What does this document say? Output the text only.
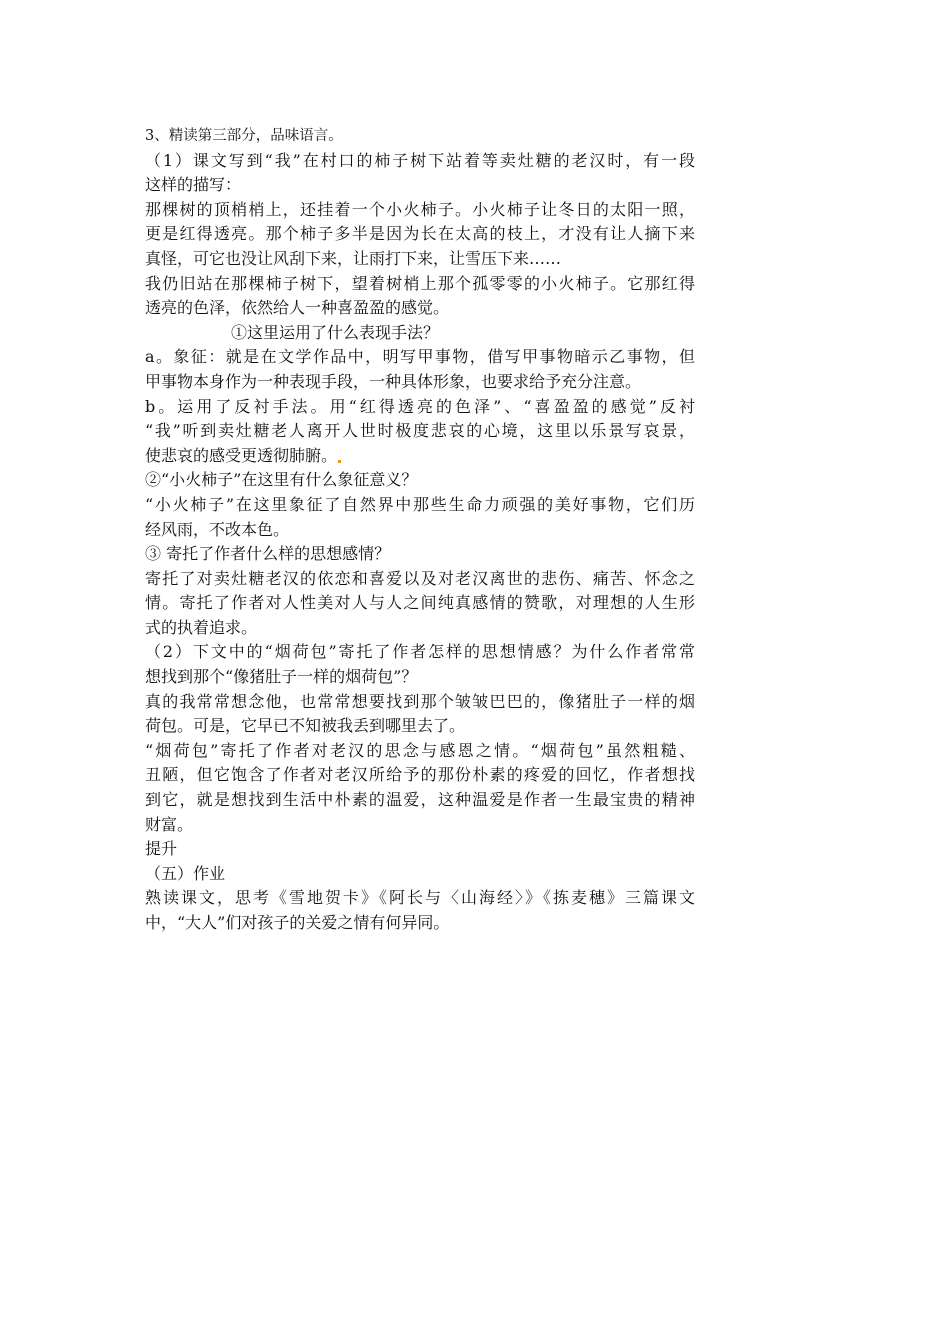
3、精读第三部分，品味语言。
（1）课文写到“我”在村口的柿子树下站着等卖灶糖的老汉时，有一段
这样的描写：
那棵树的顶梢梢上，还挂着一个小火柿子。小火柿子让冬日的太阳一照，
更是红得透亮。那个柿子多半是因为长在太高的枝上，才没有让人摘下来
真怪，可它也没让风刮下来，让雨打下来，让雪压下来……
我仍旧站在那棵柿子树下，望着树梢上那个孤零零的小火柿子。它那红得
透亮的色泽，依然给人一种喜盈盈的感觉。
①这里运用了什么表现手法？
a。象征：就是在文学作品中，明写甲事物，借写甲事物暗示乙事物，但
甲事物本身作为一种表现手段，一种具体形象，也要求给予充分注意。
b。运用了反衬手法。用“红得透亮的色泽”、“喜盈盈的感觉”反衬
“我”听到卖灶糖老人离开人世时极度悲哀的心境，这里以乐景写哀景，
使悲哀的感受更透彻肺腑。
②“小火柿子”在这里有什么象征意义？
“小火柿子”在这里象征了自然界中那些生命力顽强的美好事物，它们历
经风雨，不改本色。
③ 寄托了作者什么样的思想感情？
寄托了对卖灶糖老汉的依恋和喜爱以及对老汉离世的悲伤、痛苦、怀念之
情。寄托了作者对人性美对人与人之间纯真感情的赞歌，对理想的人生形
式的执着追求。
（2）下文中的“烟荷包”寄托了作者怎样的思想情感？为什么作者常常
想找到那个“像猪肚子一样的烟荷包”？
真的我常常想念他，也常常想要找到那个皱皱巴巴的，像猪肚子一样的烟
荷包。可是，它早已不知被我丢到哪里去了。
“烟荷包”寄托了作者对老汉的思念与感恩之情。“烟荷包”虽然粗糙、
丑陋，但它饱含了作者对老汉所给予的那份朴素的疼爱的回忆，作者想找
到它，就是想找到生活中朴素的温爱，这种温爱是作者一生最宝贵的精神
财富。
提升
（五）作业
熟读课文，思考《雪地贺卡》《阿长与〈山海经〉》《拣麦穗》三篇课文
中，“大人”们对孩子的关爱之情有何异同。
